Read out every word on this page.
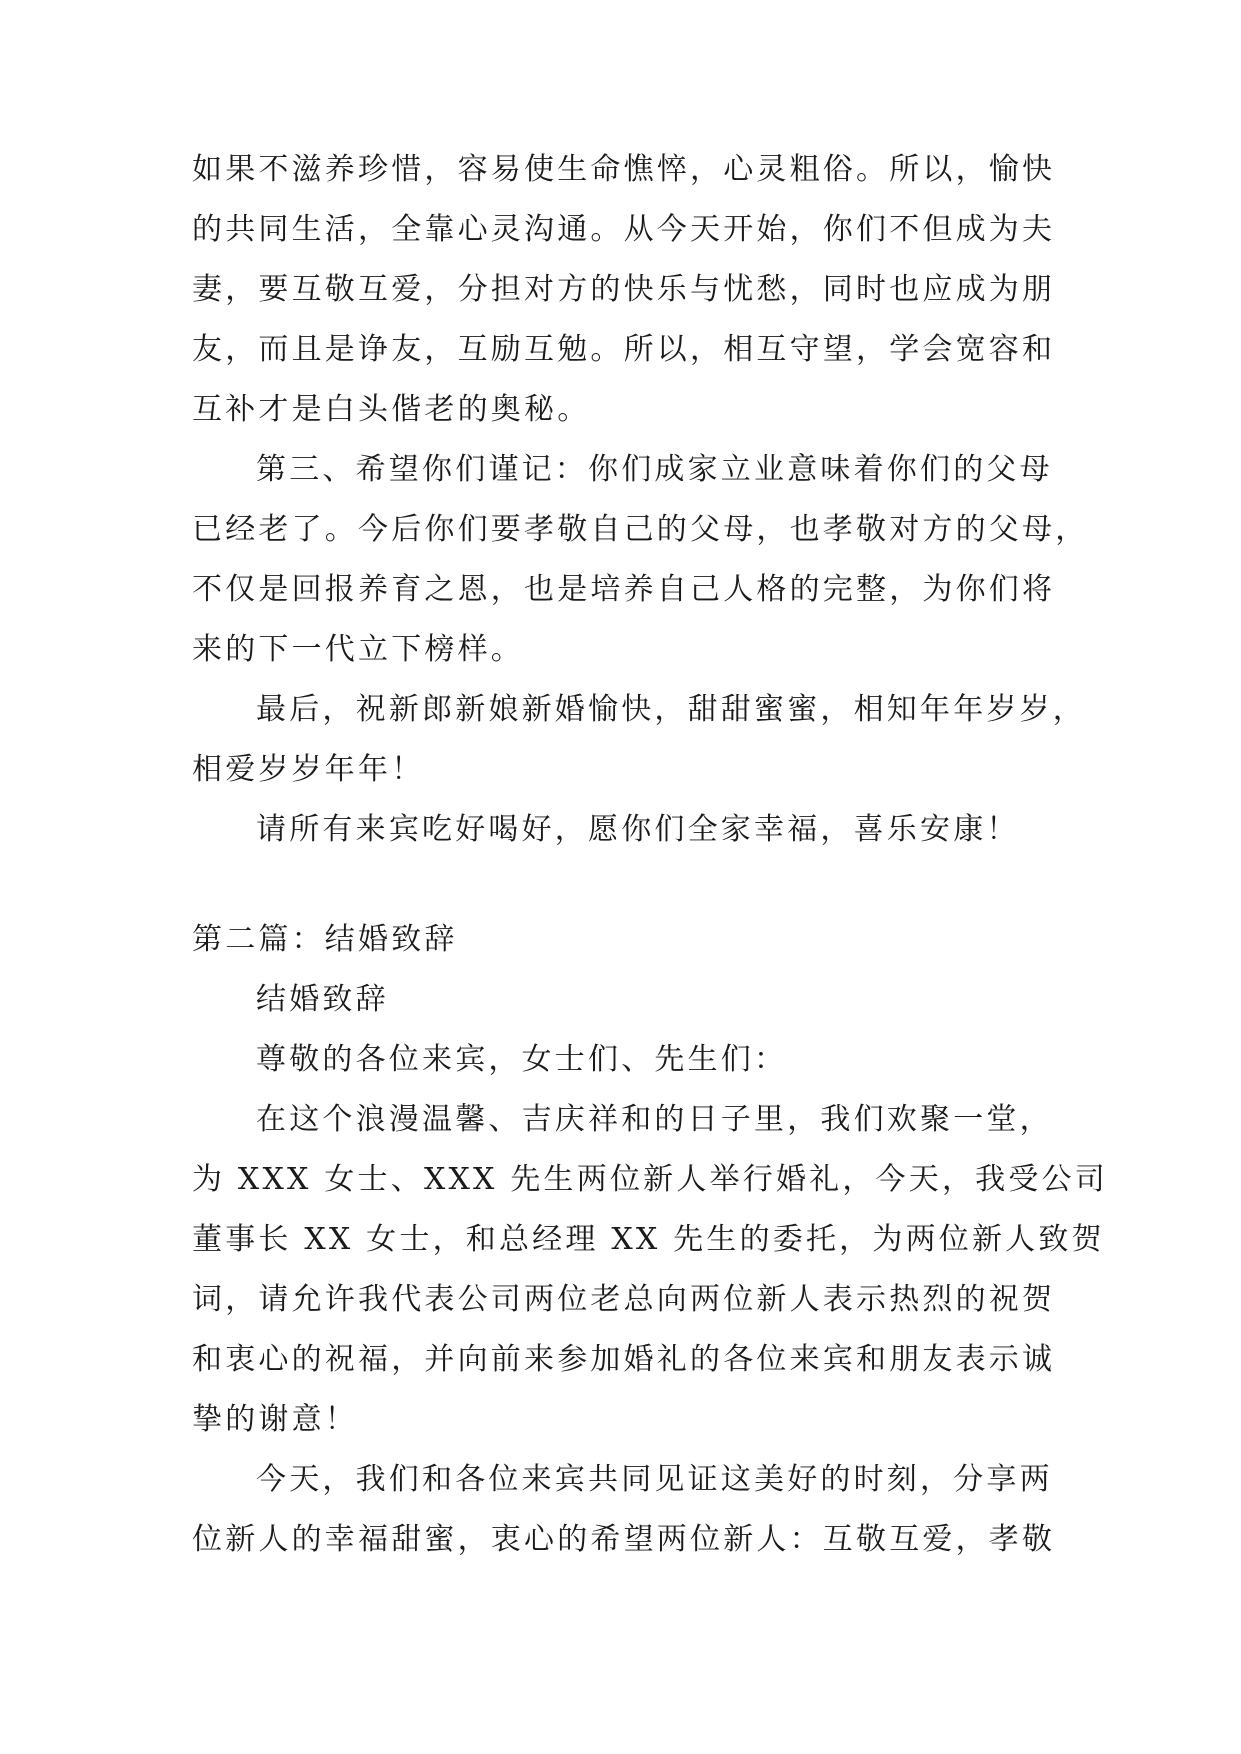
如果不滋养珍惜，容易使生命憔悴，心灵粗俗。所以，愉快
的共同生活，全靠心灵沟通。从今天开始，你们不但成为夫
妻，要互敬互爱，分担对方的快乐与忧愁，同时也应成为朋
友，而且是诤友，互励互勉。所以，相互守望，学会宽容和
互补才是白头偕老的奥秘。
第三、希望你们谨记：你们成家立业意味着你们的父母
已经老了。今后你们要孝敬自己的父母，也孝敬对方的父母，
不仅是回报养育之恩，也是培养自己人格的完整，为你们将
来的下一代立下榜样。
最后，祝新郎新娘新婚愉快，甜甜蜜蜜，相知年年岁岁，
相爱岁岁年年！
请所有来宾吃好喝好，愿你们全家幸福，喜乐安康！
第二篇：结婚致辞
结婚致辞
尊敬的各位来宾，女士们、先生们：
在这个浪漫温馨、吉庆祥和的日子里，我们欢聚一堂，
为 XXX 女士、XXX 先生两位新人举行婚礼，今天，我受公司
董事长 XX 女士，和总经理 XX 先生的委托，为两位新人致贺
词，请允许我代表公司两位老总向两位新人表示热烈的祝贺
和衷心的祝福，并向前来参加婚礼的各位来宾和朋友表示诚
挚的谢意！
今天，我们和各位来宾共同见证这美好的时刻，分享两
位新人的幸福甜蜜，衷心的希望两位新人：互敬互爱，孝敬
